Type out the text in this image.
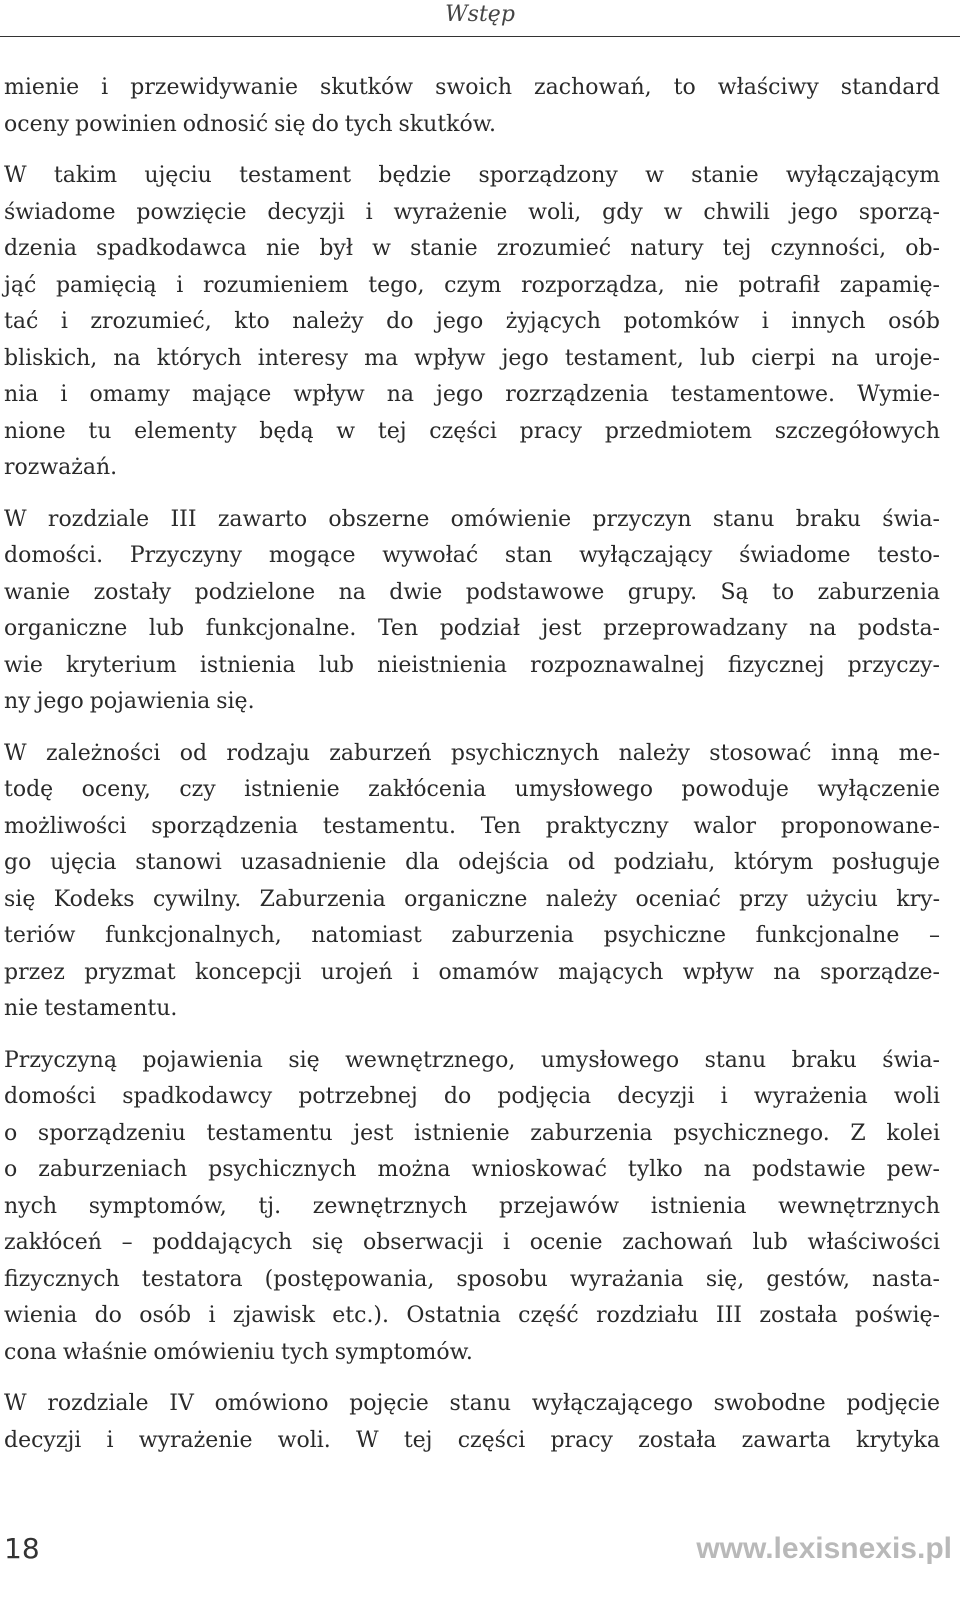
Wstęp
mienie i przewidywanie skutków swoich zachowań, to właściwy standard
oceny powinien odnosić się do tych skutków.
W takim ujęciu testament będzie sporządzony w stanie wyłączającym
świadome powzięcie decyzji i wyrażenie woli, gdy w chwili jego sporzą-
dzenia spadkodawca nie był w stanie zrozumieć natury tej czynności, ob-
jąć pamięcią i rozumieniem tego, czym rozporządza, nie potrafił zapamię-
tać i zrozumieć, kto należy do jego żyjących potomków i innych osób
bliskich, na których interesy ma wpływ jego testament, lub cierpi na uroje-
nia i omamy mające wpływ na jego rozrządzenia testamentowe. Wymie-
nione tu elementy będą w tej części pracy przedmiotem szczegółowych
rozważań.
W rozdziale III zawarto obszerne omówienie przyczyn stanu braku świa-
domości. Przyczyny mogące wywołać stan wyłączający świadome testo-
wanie zostały podzielone na dwie podstawowe grupy. Są to zaburzenia
organiczne lub funkcjonalne. Ten podział jest przeprowadzany na podsta-
wie kryterium istnienia lub nieistnienia rozpoznawalnej fizycznej przyczy-
ny jego pojawienia się.
W zależności od rodzaju zaburzeń psychicznych należy stosować inną me-
todę oceny, czy istnienie zakłócenia umysłowego powoduje wyłączenie
możliwości sporządzenia testamentu. Ten praktyczny walor proponowane-
go ujęcia stanowi uzasadnienie dla odejścia od podziału, którym posługuje
się Kodeks cywilny. Zaburzenia organiczne należy oceniać przy użyciu kry-
teriów funkcjonalnych, natomiast zaburzenia psychiczne funkcjonalne –
przez pryzmat koncepcji urojeń i omamów mających wpływ na sporządze-
nie testamentu.
Przyczyną pojawienia się wewnętrznego, umysłowego stanu braku świa-
domości spadkodawcy potrzebnej do podjęcia decyzji i wyrażenia woli
o sporządzeniu testamentu jest istnienie zaburzenia psychicznego. Z kolei
o zaburzeniach psychicznych można wnioskować tylko na podstawie pew-
nych symptomów, tj. zewnętrznych przejawów istnienia wewnętrznych
zakłóceń – poddających się obserwacji i ocenie zachowań lub właściwości
fizycznych testatora (postępowania, sposobu wyrażania się, gestów, nasta-
wienia do osób i zjawisk etc.). Ostatnia część rozdziału III została poświę-
cona właśnie omówieniu tych symptomów.
W rozdziale IV omówiono pojęcie stanu wyłączającego swobodne podjęcie
decyzji i wyrażenie woli. W tej części pracy została zawarta krytyka
18	www.lexisnexis.pl
